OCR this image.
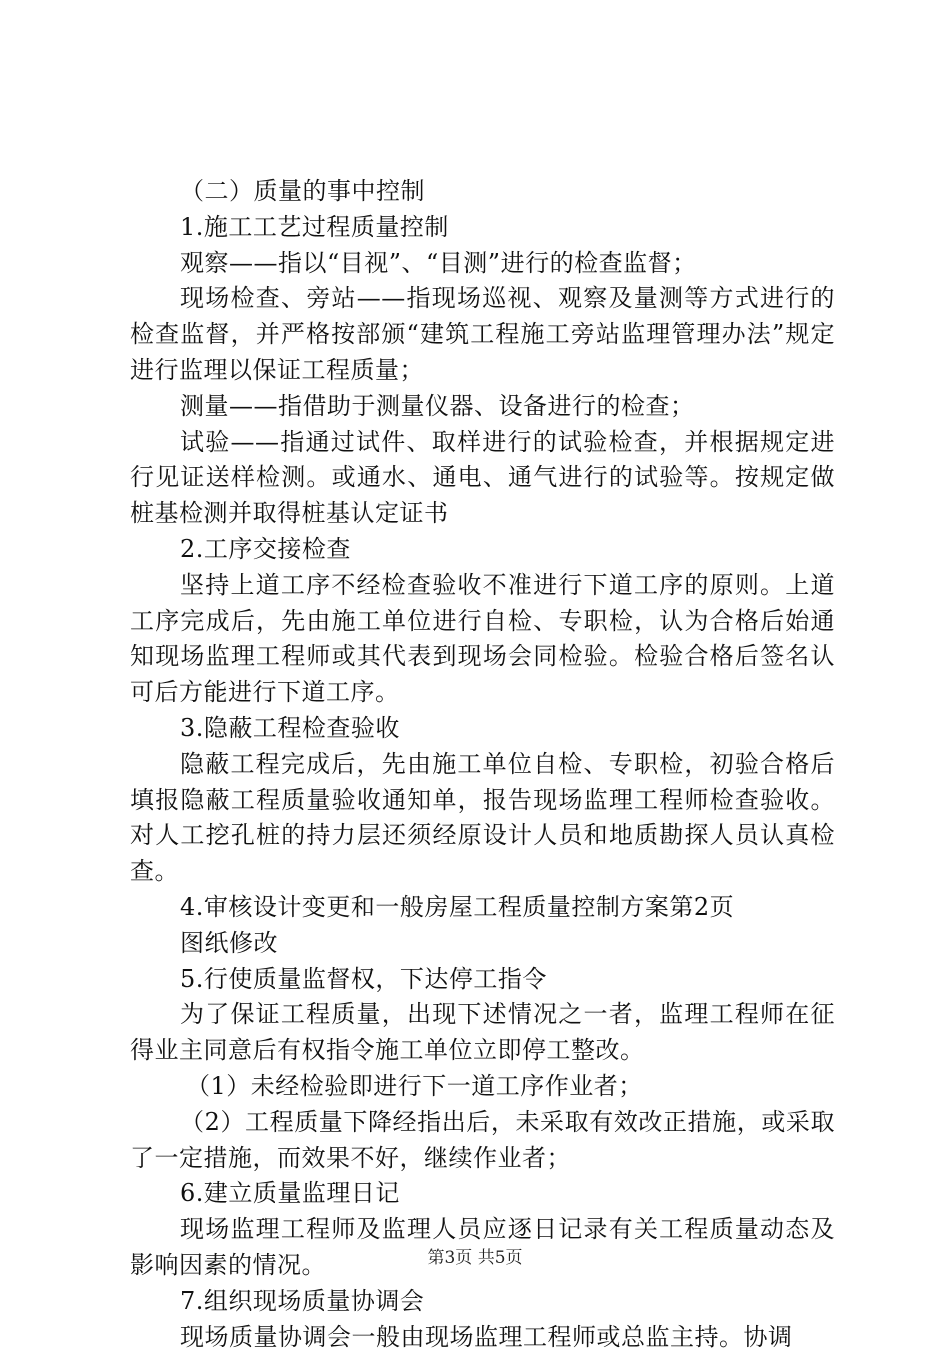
（二）质量的事中控制

1.施工工艺过程质量控制

观察——指以“目视”、“目测”进行的检查监督；

现场检查、旁站——指现场巡视、观察及量测等方式进行的检查监督，并严格按部颁“建筑工程施工旁站监理管理办法”规定进行监理以保证工程质量；

测量——指借助于测量仪器、设备进行的检查；

试验——指通过试件、取样进行的试验检查，并根据规定进行见证送样检测。或通水、通电、通气进行的试验等。按规定做桩基检测并取得桩基认定证书

2.工序交接检查

坚持上道工序不经检查验收不准进行下道工序的原则。上道工序完成后，先由施工单位进行自检、专职检，认为合格后始通知现场监理工程师或其代表到现场会同检验。检验合格后签名认可后方能进行下道工序。

3.隐蔽工程检查验收

隐蔽工程完成后，先由施工单位自检、专职检，初验合格后填报隐蔽工程质量验收通知单，报告现场监理工程师检查验收。对人工挖孔桩的持力层还须经原设计人员和地质勘探人员认真检查。

4.审核设计变更和一般房屋工程质量控制方案第2页

图纸修改

5.行使质量监督权，下达停工指令

为了保证工程质量，出现下述情况之一者，监理工程师在征得业主同意后有权指令施工单位立即停工整改。

（1）未经检验即进行下一道工序作业者；

（2）工程质量下降经指出后，未采取有效改正措施，或采取了一定措施，而效果不好，继续作业者；

6.建立质量监理日记

现场监理工程师及监理人员应逐日记录有关工程质量动态及影响因素的情况。

7.组织现场质量协调会

现场质量协调会一般由现场监理工程师或总监主持。协调

第3页 共5页
